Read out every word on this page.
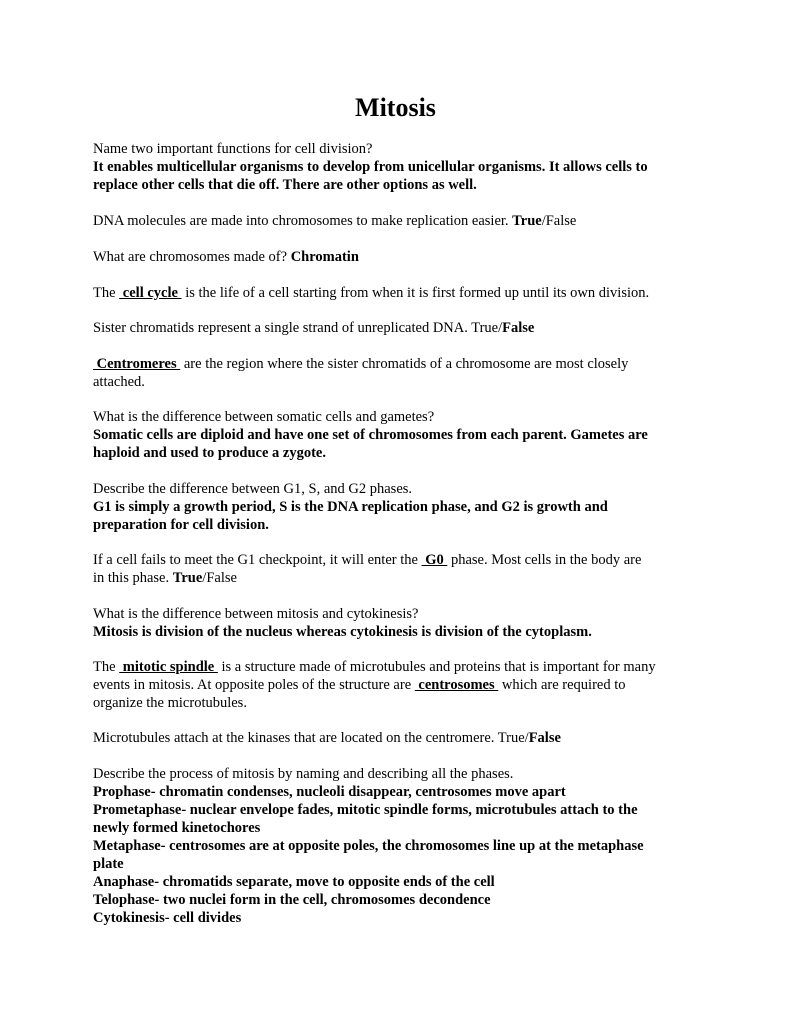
Mitosis

Name two important functions for cell division?

It enables multicellular organisms to develop from unicellular organisms. It allows cells to

replace other cells that die off. There are other options as well.

DNA molecules are made into chromosomes to make replication easier. True/False

What are chromosomes made of? Chromatin

The  cell cycle  is the life of a cell starting from when it is first formed up until its own division.

Sister chromatids represent a single strand of unreplicated DNA. True/False

Centromeres  are the region where the sister chromatids of a chromosome are most closely

attached.

What is the difference between somatic cells and gametes?

Somatic cells are diploid and have one set of chromosomes from each parent. Gametes are

haploid and used to produce a zygote.

Describe the difference between G1, S, and G2 phases.

G1 is simply a growth period, S is the DNA replication phase, and G2 is growth and

preparation for cell division.

If a cell fails to meet the G1 checkpoint, it will enter the  G0  phase. Most cells in the body are

in this phase. True/False

What is the difference between mitosis and cytokinesis?

Mitosis is division of the nucleus whereas cytokinesis is division of the cytoplasm.

The  mitotic spindle  is a structure made of microtubules and proteins that is important for many

events in mitosis. At opposite poles of the structure are  centrosomes  which are required to

organize the microtubules.

Microtubules attach at the kinases that are located on the centromere. True/False

Describe the process of mitosis by naming and describing all the phases.

Prophase- chromatin condenses, nucleoli disappear, centrosomes move apart

Prometaphase- nuclear envelope fades, mitotic spindle forms, microtubules attach to the

newly formed kinetochores

Metaphase- centrosomes are at opposite poles, the chromosomes line up at the metaphase

plate

Anaphase- chromatids separate, move to opposite ends of the cell

Telophase- two nuclei form in the cell, chromosomes decondence

Cytokinesis- cell divides
